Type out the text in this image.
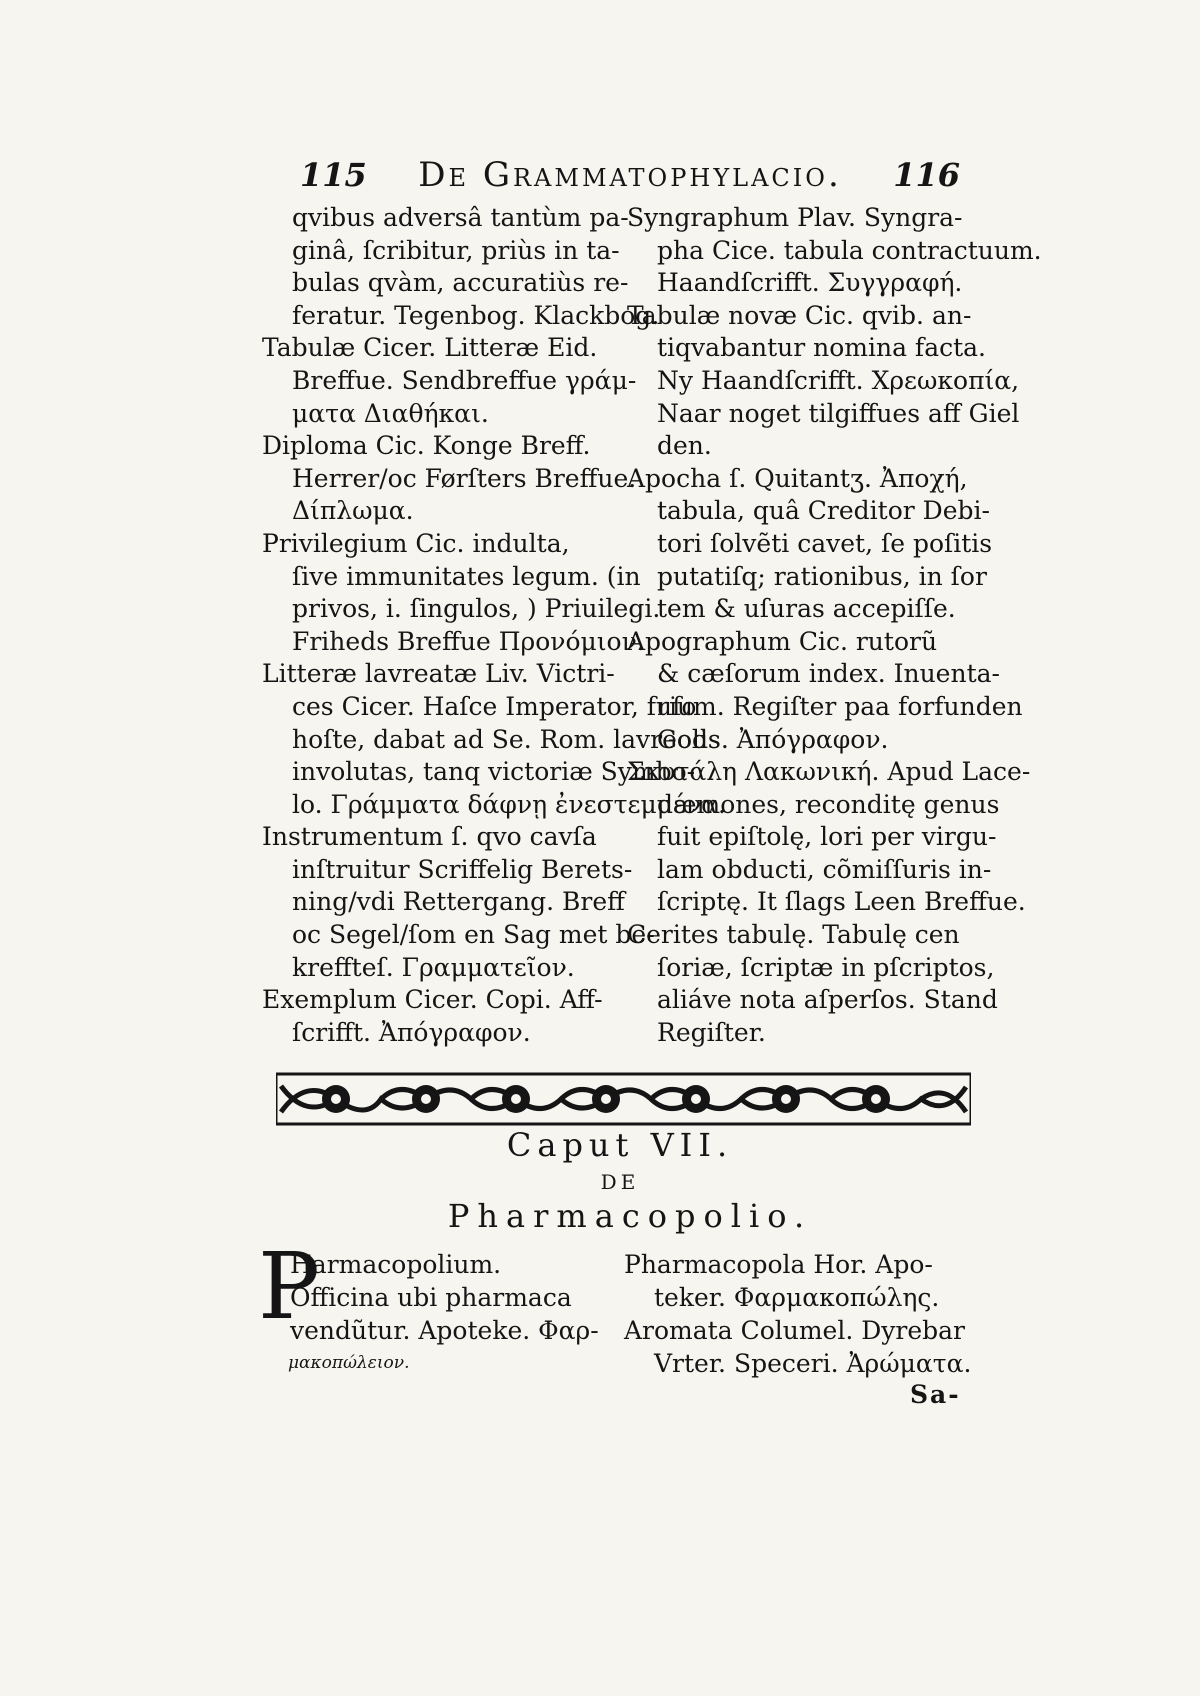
115 De Grammatophylacio. 116
qvibus adversâ tantùm pa-
ginâ, ſcribitur, priùs in ta-
bulas qvàm, accuratiùs re-
feratur. Tegenbog. Klackbog.
Tabulæ Cicer. Litteræ Eid.
Breffue. Sendbreffue γράμ-
ματα Διαθήκαι.
Diploma Cic. Konge Breff.
Herrer/oc Førſters Breffue.
Δίπλωμα.
Privilegium Cic. indulta,
ſive immunitates legum. (in
privos, i. ſingulos, ) Priuilegi.
Friheds Breffue Προνόμιον.
Litteræ lavreatæ Liv. Victri-
ces Cicer. Haſce Imperator, fuſo
hoſte, dabat ad Se. Rom. lavreolis
involutas, tanq victoriæ Symbo-
lo. Γράμματα δάφνῃ ἐνεστεμμένα.
Instrumentum ſ. qvo cavſa
inſtruitur Scriffelig Berets-
ning/vdi Rettergang. Breff
oc Segel/ſom en Sag met be-
kreffteſ. Γραμματεῖον.
Exemplum Cicer. Copi. Aff-
ſcrifft. Ἀπόγραφον.
Syngraphum Plav. Syngra-
pha Cice. tabula contractuum.
Haandſcrifft. Συγγραφή.
Tabulæ novæ Cic. qvib. an-
tiqvabantur nomina facta.
Ny Haandſcrifft. Χρεωκοπία,
Naar noget tilgiffues aff Giel
den.
Apocha ſ. Quitantʒ. Ἀποχή,
tabula, quâ Creditor Debi-
tori ſolvẽti cavet, ſe poſitis
putatiſq; rationibus, in ſor
tem & uſuras accepiſſe.
Apographum Cic. rutorũ
& cæſorum index. Inuenta-
rium. Regiſter paa forfunden
Gods. Ἀπόγραφον.
Σκυτάλη Λακωνική. Apud Lace-
dæmones, reconditę genus
fuit epiſtolę, lori per virgu-
lam obducti, cõmiſſuris in-
ſcriptę. It ſlags Leen Breffue.
Cerites tabulę. Tabulę cen
ſoriæ, ſcriptæ in pſcriptos,
aliáve nota aſperſos. Stand
Regiſter.
Caput VII.
DE
Pharmacopolio.
P
Harmacopolium.
Officina ubi pharmaca
vendũtur. Apoteke. Φαρ-
μακοπώλειον.
Pharmacopola Hor. Apo-
teker. Φαρμακοπώλης.
Aromata Columel. Dyrebar
Vrter. Speceri. Ἀρώματα.
Sa-
